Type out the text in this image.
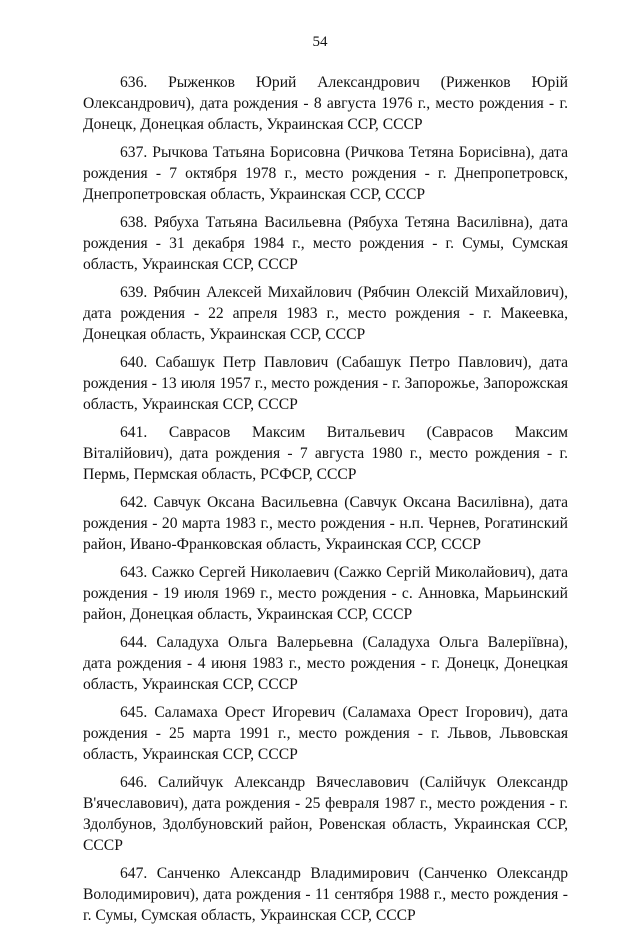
54

636. Рыженков Юрий Александрович (Риженков Юрій Олександрович), дата рождения - 8 августа 1976 г., место рождения - г. Донецк, Донецкая область, Украинская ССР, СССР

637. Рычкова Татьяна Борисовна (Ричкова Тетяна Борисівна), дата рождения - 7 октября 1978 г., место рождения - г. Днепропетровск, Днепропетровская область, Украинская ССР, СССР

638. Рябуха Татьяна Васильевна (Рябуха Тетяна Василівна), дата рождения - 31 декабря 1984 г., место рождения - г. Сумы, Сумская область, Украинская ССР, СССР

639. Рябчин Алексей Михайлович (Рябчин Олексій Михайлович), дата рождения - 22 апреля 1983 г., место рождения - г. Макеевка, Донецкая область, Украинская ССР, СССР

640. Сабашук Петр Павлович (Сабашук Петро Павлович), дата рождения - 13 июля 1957 г., место рождения - г. Запорожье, Запорожская область, Украинская ССР, СССР

641. Саврасов Максим Витальевич (Саврасов Максим Віталійович), дата рождения - 7 августа 1980 г., место рождения - г. Пермь, Пермская область, РСФСР, СССР

642. Савчук Оксана Васильевна (Савчук Оксана Василівна), дата рождения - 20 марта 1983 г., место рождения - н.п. Чернев, Рогатинский район, Ивано-Франковская область, Украинская ССР, СССР

643. Сажко Сергей Николаевич (Сажко Сергій Миколайович), дата рождения - 19 июля 1969 г., место рождения - с. Анновка, Марьинский район, Донецкая область, Украинская ССР, СССР

644. Саладуха Ольга Валерьевна (Саладуха Ольга Валеріївна), дата рождения - 4 июня 1983 г., место рождения - г. Донецк, Донецкая область, Украинская ССР, СССР

645. Саламаха Орест Игоревич (Саламаха Орест Ігорович), дата рождения - 25 марта 1991 г., место рождения - г. Львов, Львовская область, Украинская ССР, СССР

646. Салийчук Александр Вячеславович (Салійчук Олександр В'ячеславович), дата рождения - 25 февраля 1987 г., место рождения - г. Здолбунов, Здолбуновский район, Ровенская область, Украинская ССР, СССР

647. Санченко Александр Владимирович (Санченко Олександр Володимирович), дата рождения - 11 сентября 1988 г., место рождения - г. Сумы, Сумская область, Украинская ССР, СССР
